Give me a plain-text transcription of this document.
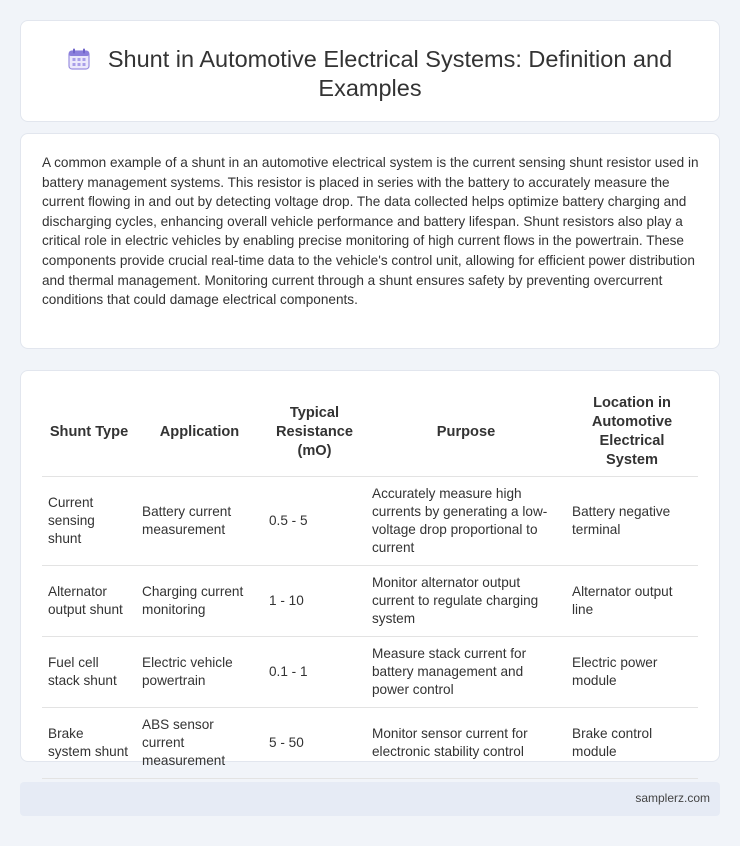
Shunt in Automotive Electrical Systems: Definition and Examples

A common example of a shunt in an automotive electrical system is the current sensing shunt resistor used in battery management systems. This resistor is placed in series with the battery to accurately measure the current flowing in and out by detecting voltage drop. The data collected helps optimize battery charging and discharging cycles, enhancing overall vehicle performance and battery lifespan. Shunt resistors also play a critical role in electric vehicles by enabling precise monitoring of high current flows in the powertrain. These components provide crucial real-time data to the vehicle's control unit, allowing for efficient power distribution and thermal management. Monitoring current through a shunt ensures safety by preventing overcurrent conditions that could damage electrical components.

Shunt Type	Application	Typical Resistance (mO)	Purpose	Location in Automotive Electrical System
Current sensing shunt	Battery current measurement	0.5 - 5	Accurately measure high currents by generating a low-voltage drop proportional to current	Battery negative terminal
Alternator output shunt	Charging current monitoring	1 - 10	Monitor alternator output current to regulate charging system	Alternator output line
Fuel cell stack shunt	Electric vehicle powertrain	0.1 - 1	Measure stack current for battery management and power control	Electric power module
Brake system shunt	ABS sensor current measurement	5 - 50	Monitor sensor current for electronic stability control	Brake control module
samplerz.com
